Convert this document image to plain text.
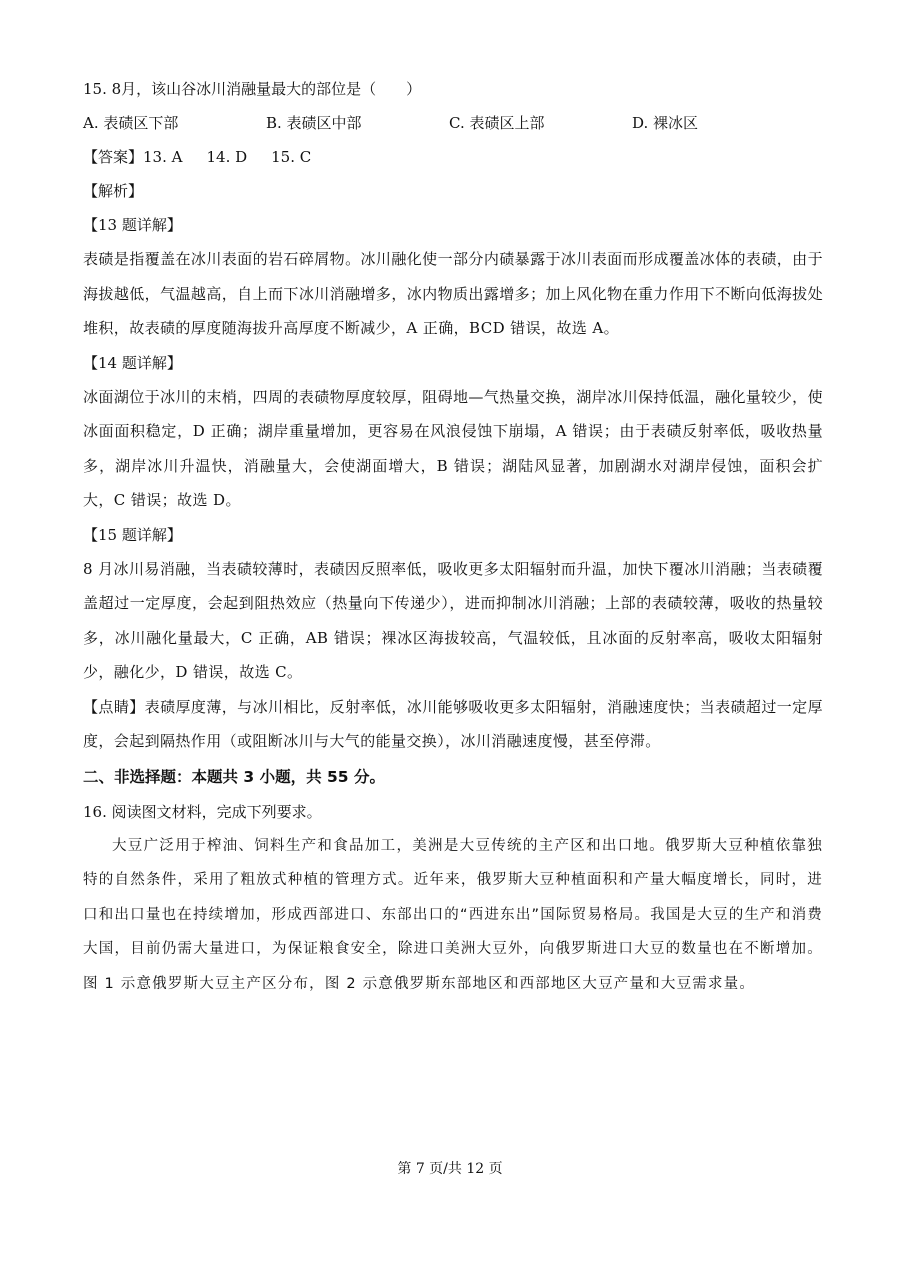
15. 8月，该山谷冰川消融量最大的部位是（　　）
A. 表碛区下部	B. 表碛区中部	C. 表碛区上部	D. 裸冰区
【答案】13. A 14. D 15. C
【解析】
【13 题详解】

表碛是指覆盖在冰川表面的岩石碎屑物。冰川融化使一部分内碛暴露于冰川表面而形成覆盖冰体的表碛，由于海拔越低，气温越高，自上而下冰川消融增多，冰内物质出露增多；加上风化物在重力作用下不断向低海拔处堆积，故表碛的厚度随海拔升高厚度不断减少，A 正确，BCD 错误，故选 A。

【14 题详解】

冰面湖位于冰川的末梢，四周的表碛物厚度较厚，阻碍地—气热量交换，湖岸冰川保持低温，融化量较少，使冰面面积稳定，D 正确；湖岸重量增加，更容易在风浪侵蚀下崩塌，A 错误；由于表碛反射率低，吸收热量多，湖岸冰川升温快，消融量大，会使湖面增大，B 错误；湖陆风显著，加剧湖水对湖岸侵蚀，面积会扩大，C 错误；故选 D。

【15 题详解】

8 月冰川易消融，当表碛较薄时，表碛因反照率低，吸收更多太阳辐射而升温，加快下覆冰川消融；当表碛覆盖超过一定厚度，会起到阻热效应（热量向下传递少），进而抑制冰川消融；上部的表碛较薄，吸收的热量较多，冰川融化量最大，C 正确，AB 错误；裸冰区海拔较高，气温较低，且冰面的反射率高，吸收太阳辐射少，融化少，D 错误，故选 C。

【点睛】表碛厚度薄，与冰川相比，反射率低，冰川能够吸收更多太阳辐射，消融速度快；当表碛超过一定厚度，会起到隔热作用（或阻断冰川与大气的能量交换），冰川消融速度慢，甚至停滞。

二、非选择题：本题共 3 小题，共 55 分。
16. 阅读图文材料，完成下列要求。

大豆广泛用于榨油、饲料生产和食品加工，美洲是大豆传统的主产区和出口地。俄罗斯大豆种植依靠独特的自然条件，采用了粗放式种植的管理方式。近年来，俄罗斯大豆种植面积和产量大幅度增长，同时，进口和出口量也在持续增加，形成西部进口、东部出口的“西进东出”国际贸易格局。我国是大豆的生产和消费大国，目前仍需大量进口，为保证粮食安全，除进口美洲大豆外，向俄罗斯进口大豆的数量也在不断增加。图 1 示意俄罗斯大豆主产区分布，图 2 示意俄罗斯东部地区和西部地区大豆产量和大豆需求量。

第 7 页/共 12 页
